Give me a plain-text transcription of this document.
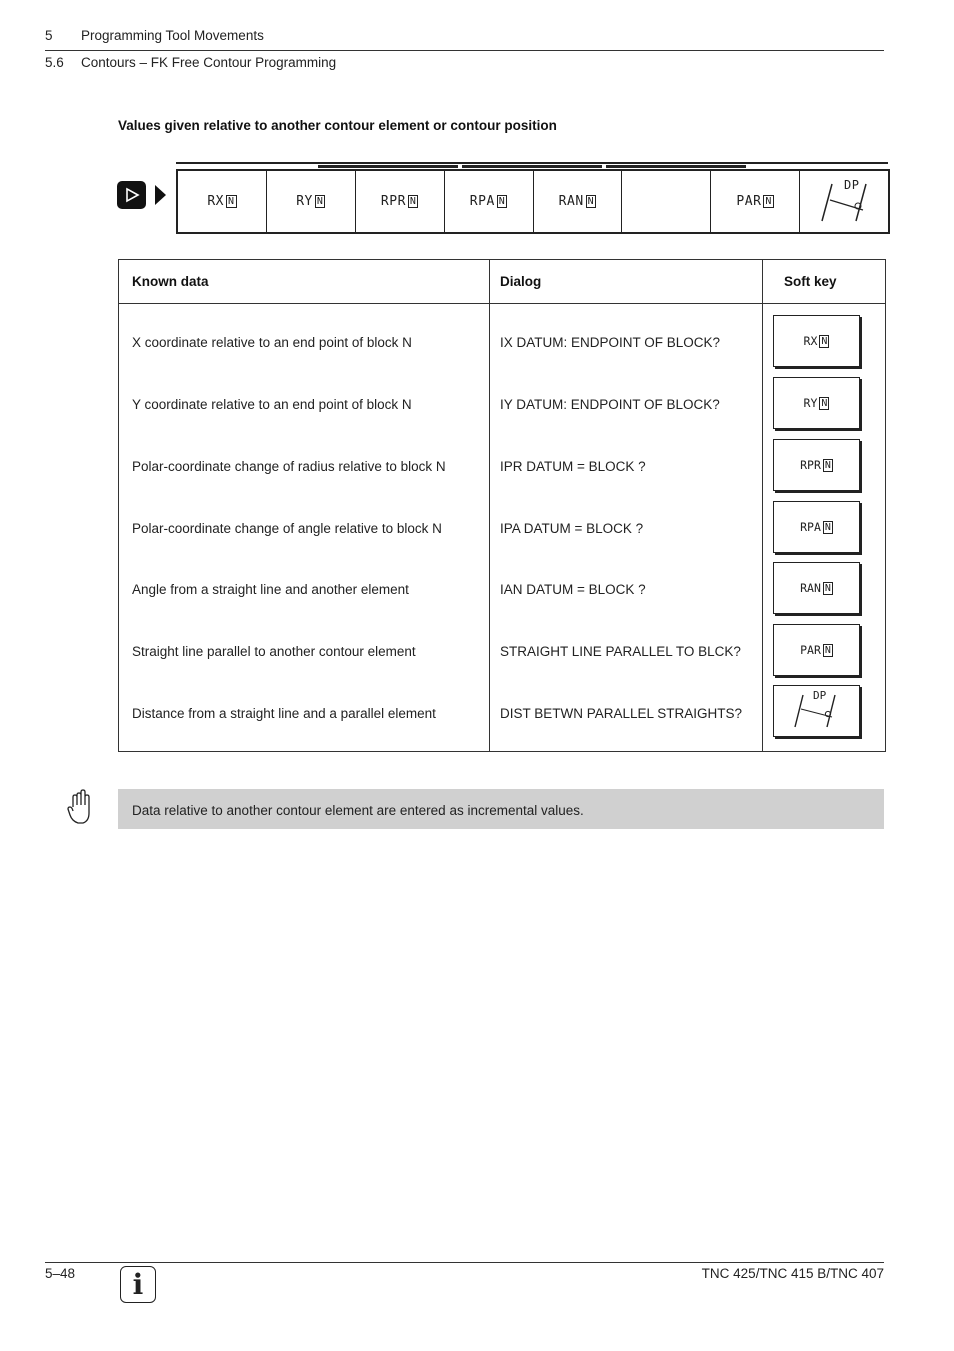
5 Programming Tool Movements
5.6 Contours – FK Free Contour Programming
Values given relative to another contour element or contour position
RX N	RY N	RPR N	RPA N	RAN N	PAR N
DP
Known data	Dialog	Soft key
X coordinate relative to an end point of block N	IX DATUM: ENDPOINT OF BLOCK?	RX N
Y coordinate relative to an end point of block N	IY DATUM: ENDPOINT OF BLOCK?	RY N
Polar-coordinate change of radius relative to block N	IPR DATUM = BLOCK ?	RPR N
Polar-coordinate change of angle relative to block N	IPA DATUM = BLOCK ?	RPA N
Angle from a straight line and another element	IAN DATUM = BLOCK ?	RAN N
Straight line parallel to another contour element	STRAIGHT LINE PARALLEL TO BLCK?	PAR N
Distance from a straight line and a parallel element	DIST BETWN PARALLEL STRAIGHTS?
DP
Data relative to another contour element are entered as incremental values.
5–48	i	TNC 425/TNC 415 B/TNC 407
